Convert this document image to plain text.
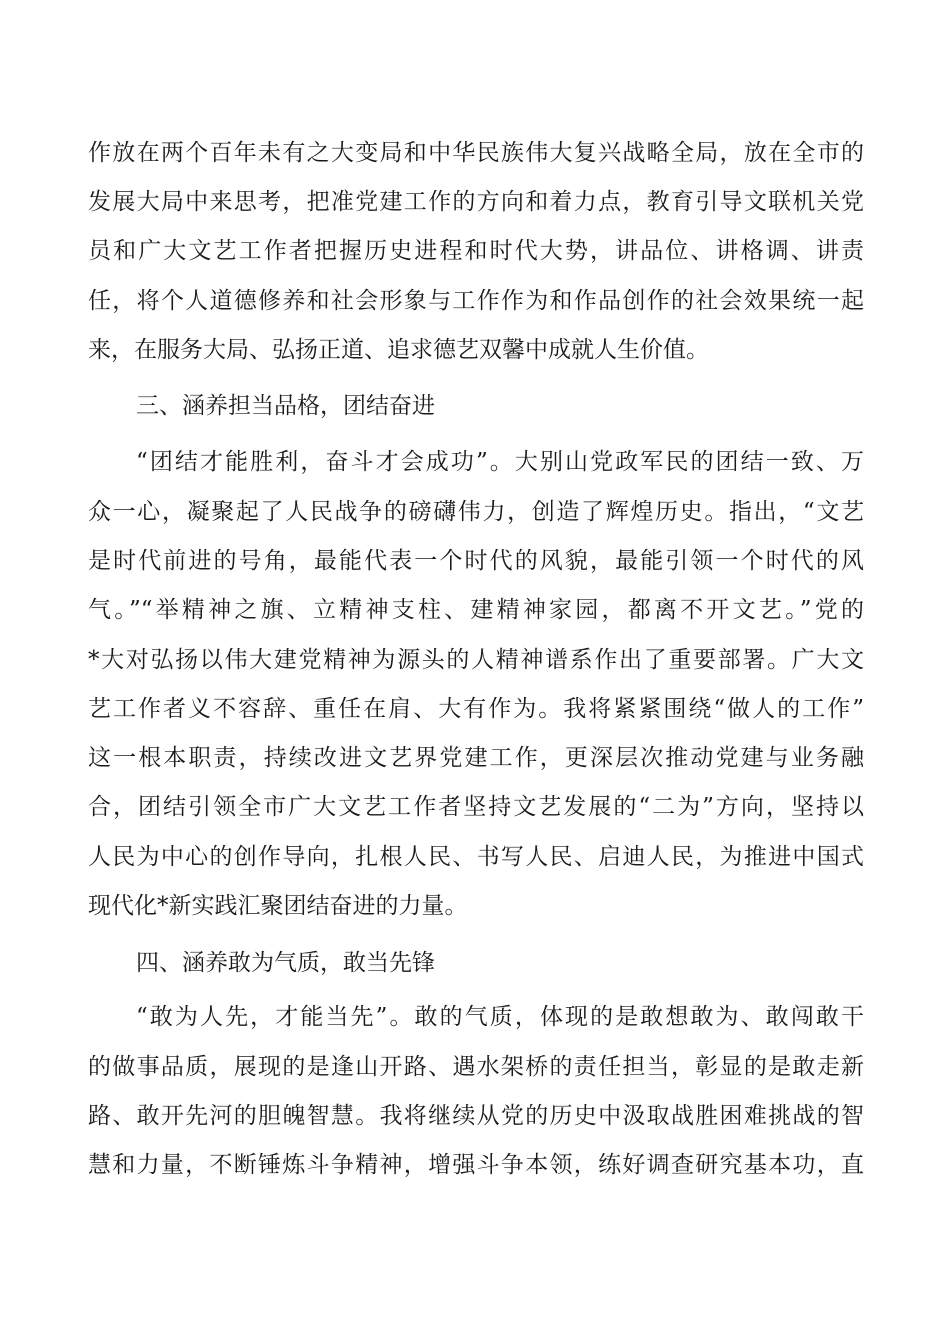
作放在两个百年未有之大变局和中华民族伟大复兴战略全局，放在全市的
发展大局中来思考，把准党建工作的方向和着力点，教育引导文联机关党
员和广大文艺工作者把握历史进程和时代大势，讲品位、讲格调、讲责
任，将个人道德修养和社会形象与工作作为和作品创作的社会效果统一起
来，在服务大局、弘扬正道、追求德艺双馨中成就人生价值。
三、涵养担当品格，团结奋进
“团结才能胜利，奋斗才会成功”。大别山党政军民的团结一致、万
众一心，凝聚起了人民战争的磅礴伟力，创造了辉煌历史。指出，“文艺
是时代前进的号角，最能代表一个时代的风貌，最能引领一个时代的风
气。”“举精神之旗、立精神支柱、建精神家园，都离不开文艺。”党的
*大对弘扬以伟大建党精神为源头的人精神谱系作出了重要部署。广大文
艺工作者义不容辞、重任在肩、大有作为。我将紧紧围绕“做人的工作”
这一根本职责，持续改进文艺界党建工作，更深层次推动党建与业务融
合，团结引领全市广大文艺工作者坚持文艺发展的“二为”方向，坚持以
人民为中心的创作导向，扎根人民、书写人民、启迪人民，为推进中国式
现代化*新实践汇聚团结奋进的力量。
四、涵养敢为气质，敢当先锋
“敢为人先，才能当先”。敢的气质，体现的是敢想敢为、敢闯敢干
的做事品质，展现的是逢山开路、遇水架桥的责任担当，彰显的是敢走新
路、敢开先河的胆魄智慧。我将继续从党的历史中汲取战胜困难挑战的智
慧和力量，不断锤炼斗争精神，增强斗争本领，练好调查研究基本功，直
